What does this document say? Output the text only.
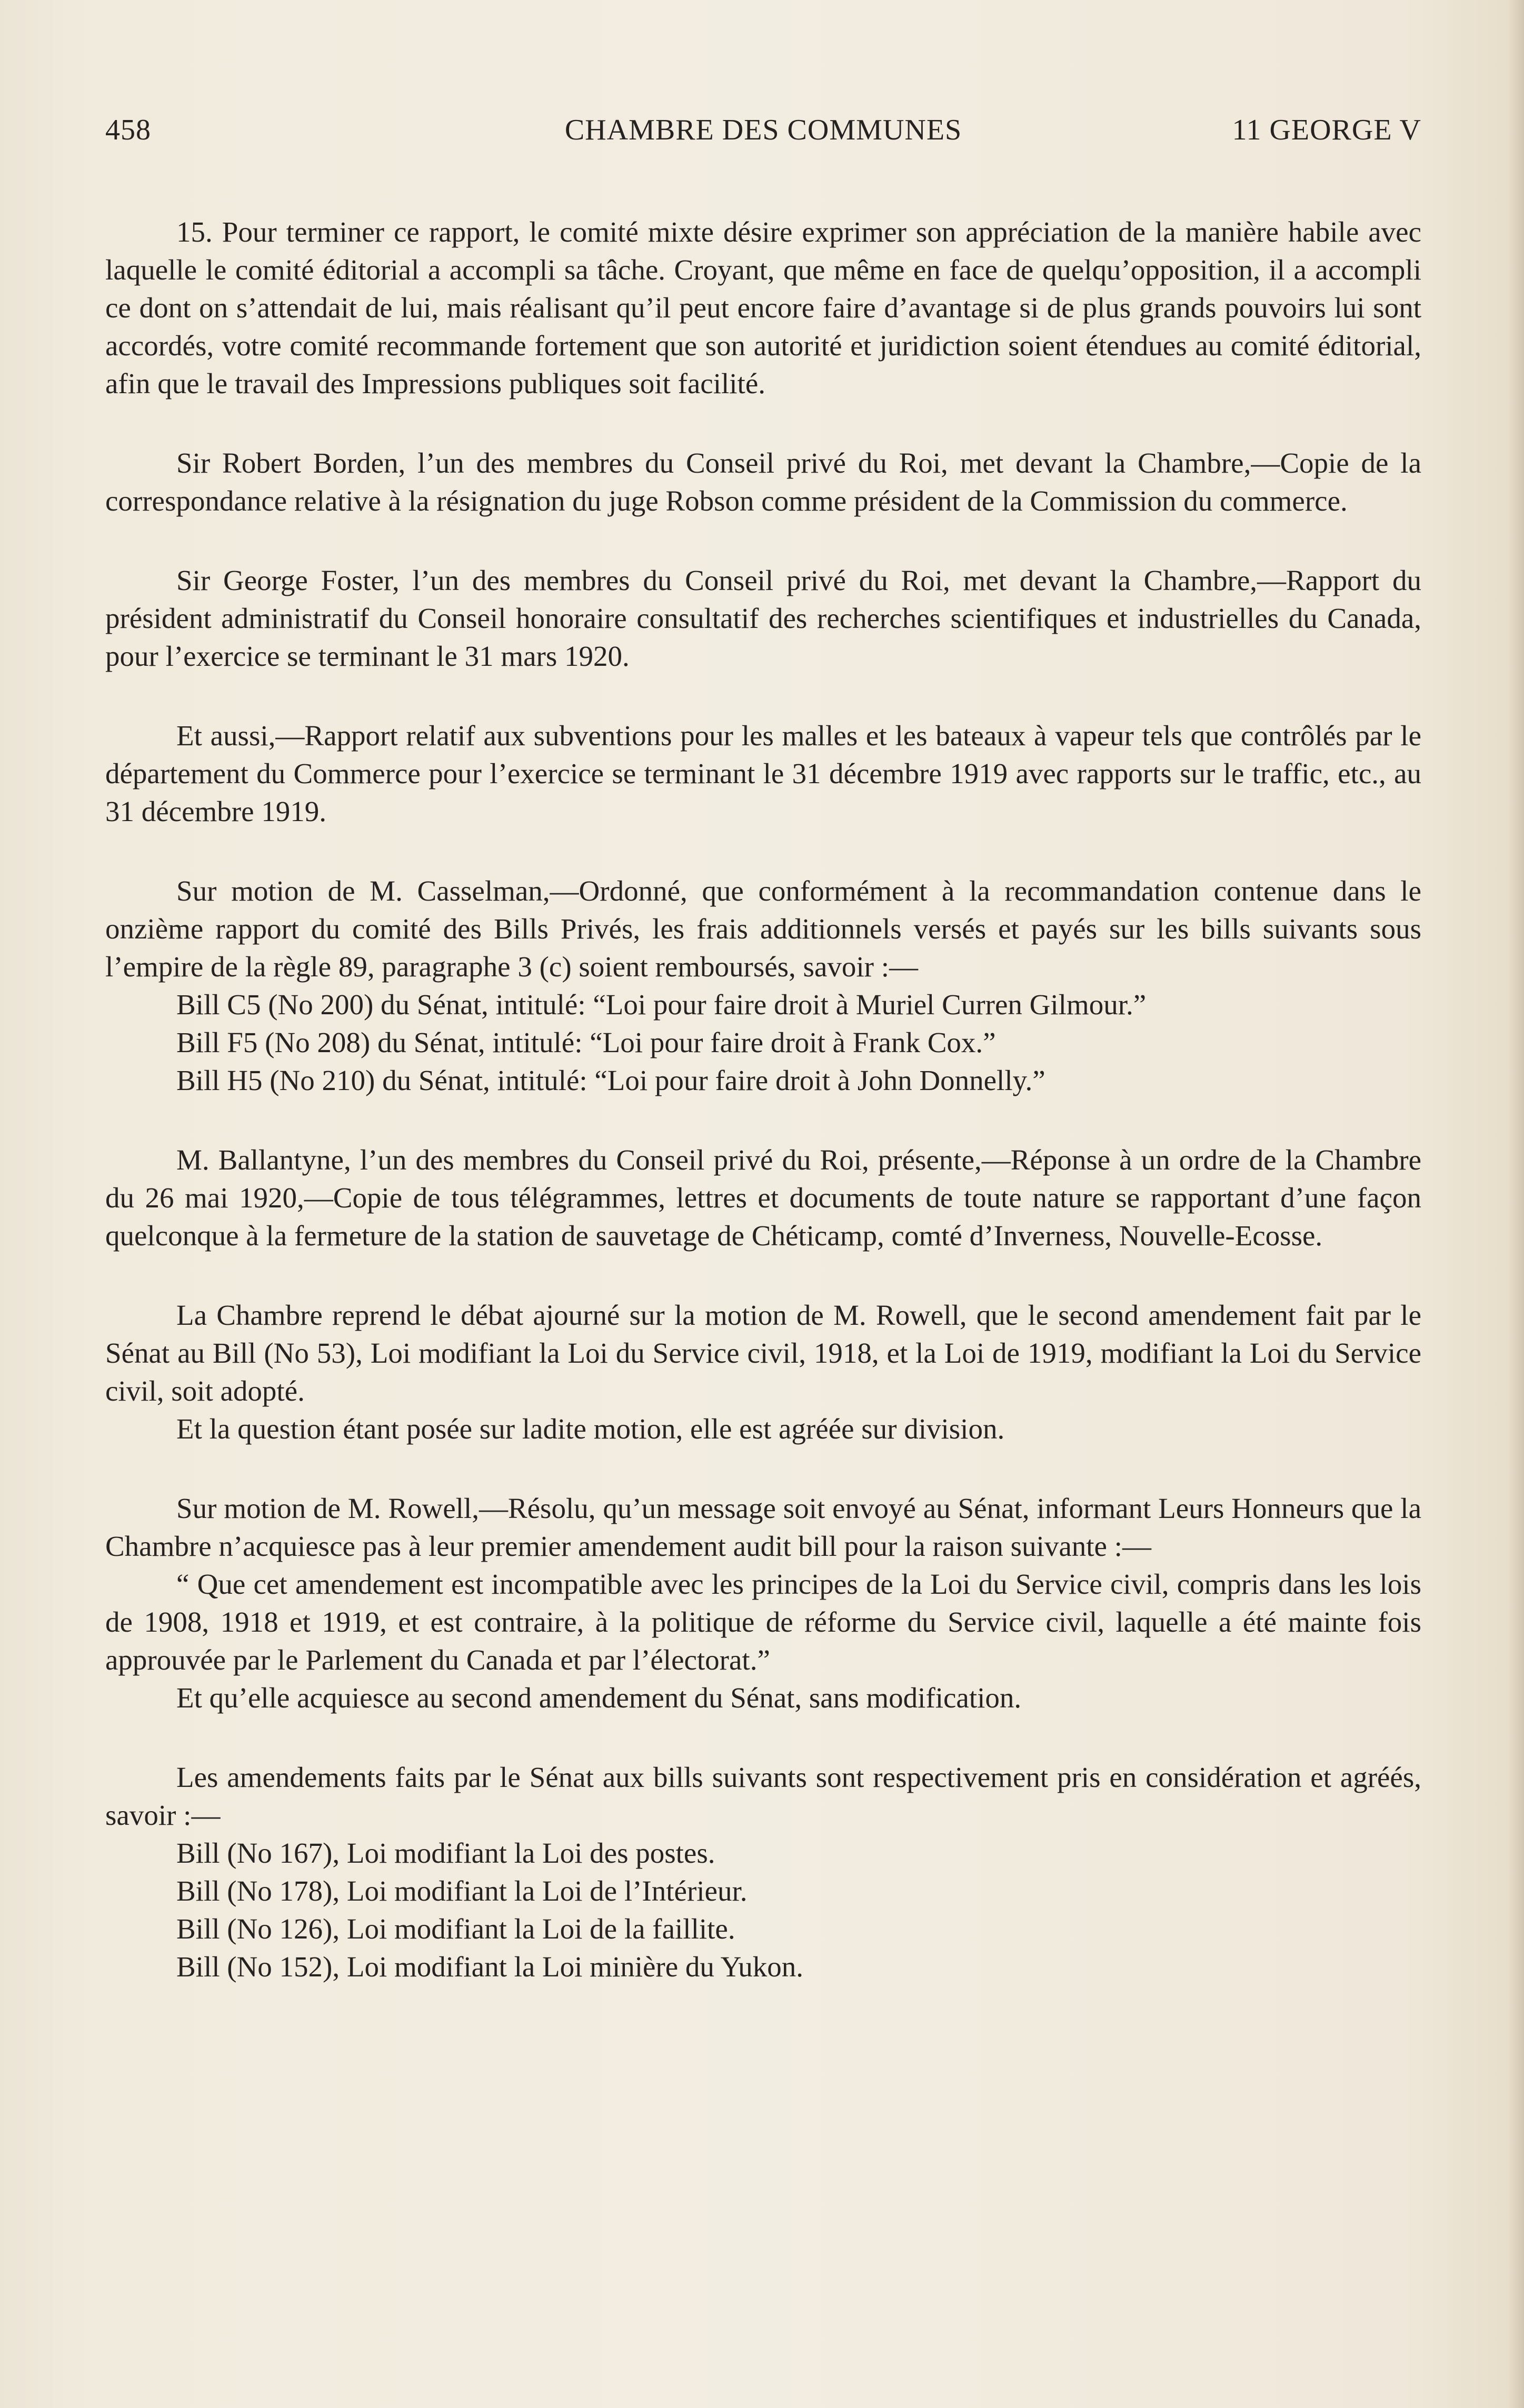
458	CHAMBRE DES COMMUNES	11 GEORGE V

15. Pour terminer ce rapport, le comité mixte désire exprimer son appréciation de la manière habile avec laquelle le comité éditorial a accompli sa tâche. Croyant, que même en face de quelqu’opposition, il a accompli ce dont on s’attendait de lui, mais réalisant qu’il peut encore faire d’avantage si de plus grands pouvoirs lui sont accordés, votre comité recommande fortement que son autorité et juridiction soient étendues au comité éditorial, afin que le travail des Impressions publiques soit facilité.

Sir Robert Borden, l’un des membres du Conseil privé du Roi, met devant la Chambre,—Copie de la correspondance relative à la résignation du juge Robson comme président de la Commission du commerce.

Sir George Foster, l’un des membres du Conseil privé du Roi, met devant la Chambre,—Rapport du président administratif du Conseil honoraire consultatif des recherches scientifiques et industrielles du Canada, pour l’exercice se terminant le 31 mars 1920.

Et aussi,—Rapport relatif aux subventions pour les malles et les bateaux à vapeur tels que contrôlés par le département du Commerce pour l’exercice se terminant le 31 décembre 1919 avec rapports sur le traffic, etc., au 31 décembre 1919.

Sur motion de M. Casselman,—Ordonné, que conformément à la recommandation contenue dans le onzième rapport du comité des Bills Privés, les frais additionnels versés et payés sur les bills suivants sous l’empire de la règle 89, paragraphe 3 (c) soient remboursés, savoir :—

Bill C5 (No 200) du Sénat, intitulé: “Loi pour faire droit à Muriel Curren Gilmour.”

Bill F5 (No 208) du Sénat, intitulé: “Loi pour faire droit à Frank Cox.”

Bill H5 (No 210) du Sénat, intitulé: “Loi pour faire droit à John Donnelly.”

M. Ballantyne, l’un des membres du Conseil privé du Roi, présente,—Réponse à un ordre de la Chambre du 26 mai 1920,—Copie de tous télégrammes, lettres et documents de toute nature se rapportant d’une façon quelconque à la fermeture de la station de sauvetage de Chéticamp, comté d’Inverness, Nouvelle-Ecosse.

La Chambre reprend le débat ajourné sur la motion de M. Rowell, que le second amendement fait par le Sénat au Bill (No 53), Loi modifiant la Loi du Service civil, 1918, et la Loi de 1919, modifiant la Loi du Service civil, soit adopté.

Et la question étant posée sur ladite motion, elle est agréée sur division.

Sur motion de M. Rowell,—Résolu, qu’un message soit envoyé au Sénat, informant Leurs Honneurs que la Chambre n’acquiesce pas à leur premier amendement audit bill pour la raison suivante :—

“ Que cet amendement est incompatible avec les principes de la Loi du Service civil, compris dans les lois de 1908, 1918 et 1919, et est contraire, à la politique de réforme du Service civil, laquelle a été mainte fois approuvée par le Parlement du Canada et par l’électorat.”

Et qu’elle acquiesce au second amendement du Sénat, sans modification.

Les amendements faits par le Sénat aux bills suivants sont respectivement pris en considération et agréés, savoir :—

Bill (No 167), Loi modifiant la Loi des postes.

Bill (No 178), Loi modifiant la Loi de l’Intérieur.

Bill (No 126), Loi modifiant la Loi de la faillite.

Bill (No 152), Loi modifiant la Loi minière du Yukon.
